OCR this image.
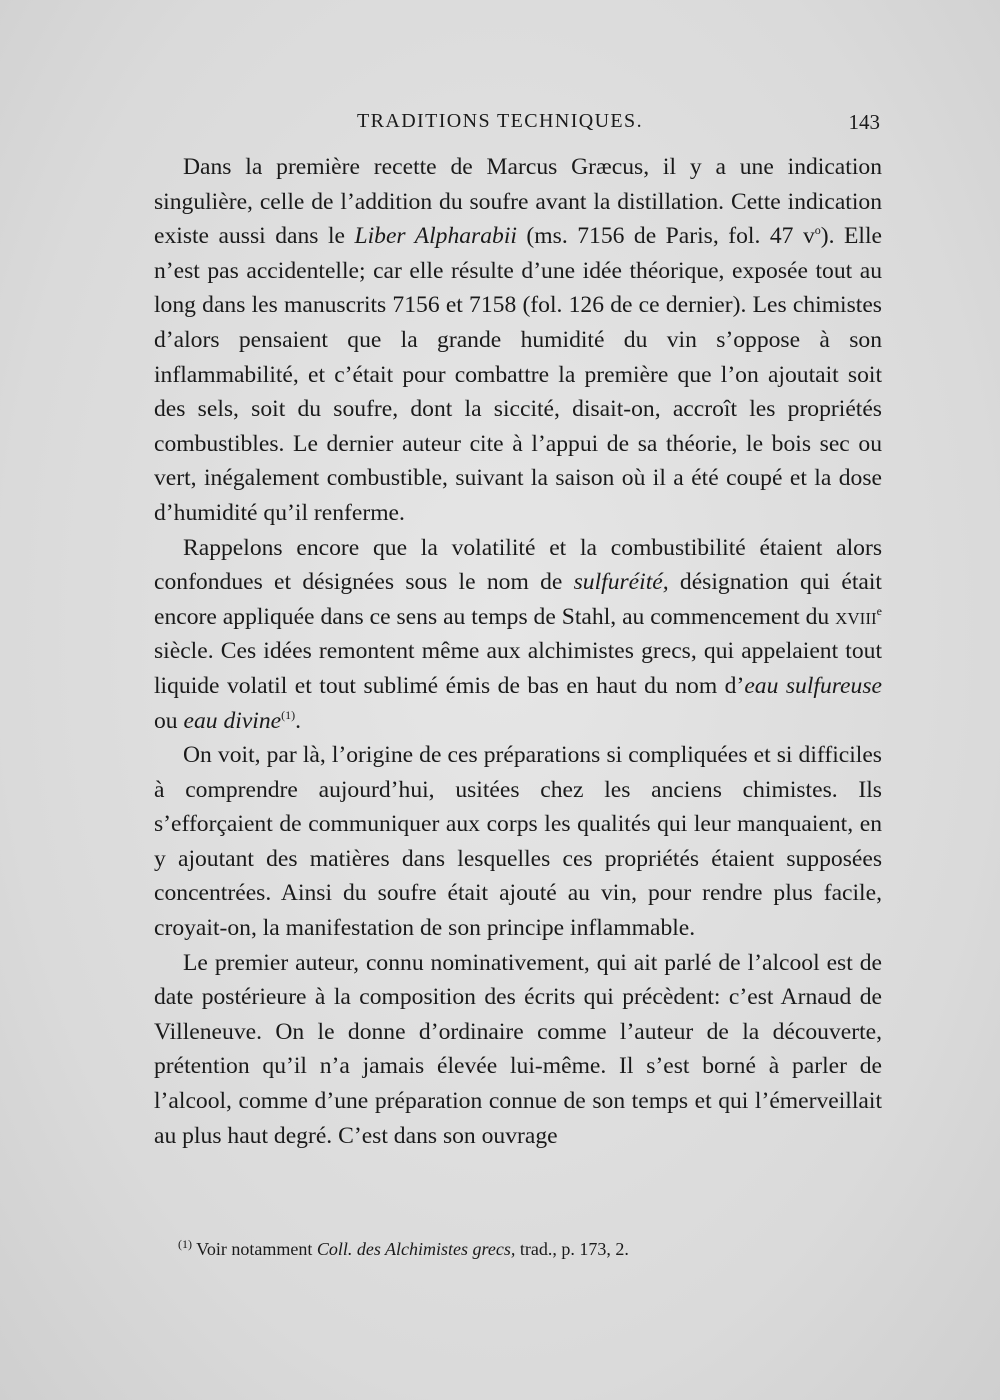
TRADITIONS TECHNIQUES.	143

Dans la première recette de Marcus Græcus, il y a une indication singulière, celle de l’addition du soufre avant la distillation. Cette indication existe aussi dans le Liber Alpharabii (ms. 7156 de Paris, fol. 47 $v^o$). Elle n’est pas accidentelle; car elle résulte d’une idée théorique, exposée tout au long dans les manuscrits 7156 et 7158 (fol. 126 de ce dernier). Les chimistes d’alors pensaient que la grande humidité du vin s’oppose à son inflammabilité, et c’était pour combattre la première que l’on ajoutait soit des sels, soit du soufre, dont la siccité, disait-on, accroît les propriétés combustibles. Le dernier auteur cite à l’appui de sa théorie, le bois sec ou vert, inégalement combustible, suivant la saison où il a été coupé et la dose d’humidité qu’il renferme.

Rappelons encore que la volatilité et la combustibilité étaient alors confondues et désignées sous le nom de sulfuréité, désignation qui était encore appliquée dans ce sens au temps de Stahl, au commencement du xviii$^e$ siècle. Ces idées remontent même aux alchimistes grecs, qui appelaient tout liquide volatil et tout sublimé émis de bas en haut du nom d’eau sulfureuse ou eau divine$^{(1)}$.

On voit, par là, l’origine de ces préparations si compliquées et si difficiles à comprendre aujourd’hui, usitées chez les anciens chimistes. Ils s’efforçaient de communiquer aux corps les qualités qui leur manquaient, en y ajoutant des matières dans lesquelles ces propriétés étaient supposées concentrées. Ainsi du soufre était ajouté au vin, pour rendre plus facile, croyait-on, la manifestation de son principe inflammable.

Le premier auteur, connu nominativement, qui ait parlé de l’alcool est de date postérieure à la composition des écrits qui précèdent: c’est Arnaud de Villeneuve. On le donne d’ordinaire comme l’auteur de la découverte, prétention qu’il n’a jamais élevée lui-même. Il s’est borné à parler de l’alcool, comme d’une préparation connue de son temps et qui l’émerveillait au plus haut degré. C’est dans son ouvrage

$^{(1)}$ Voir notamment Coll. des Alchimistes grecs, trad., p. 173, 2.
